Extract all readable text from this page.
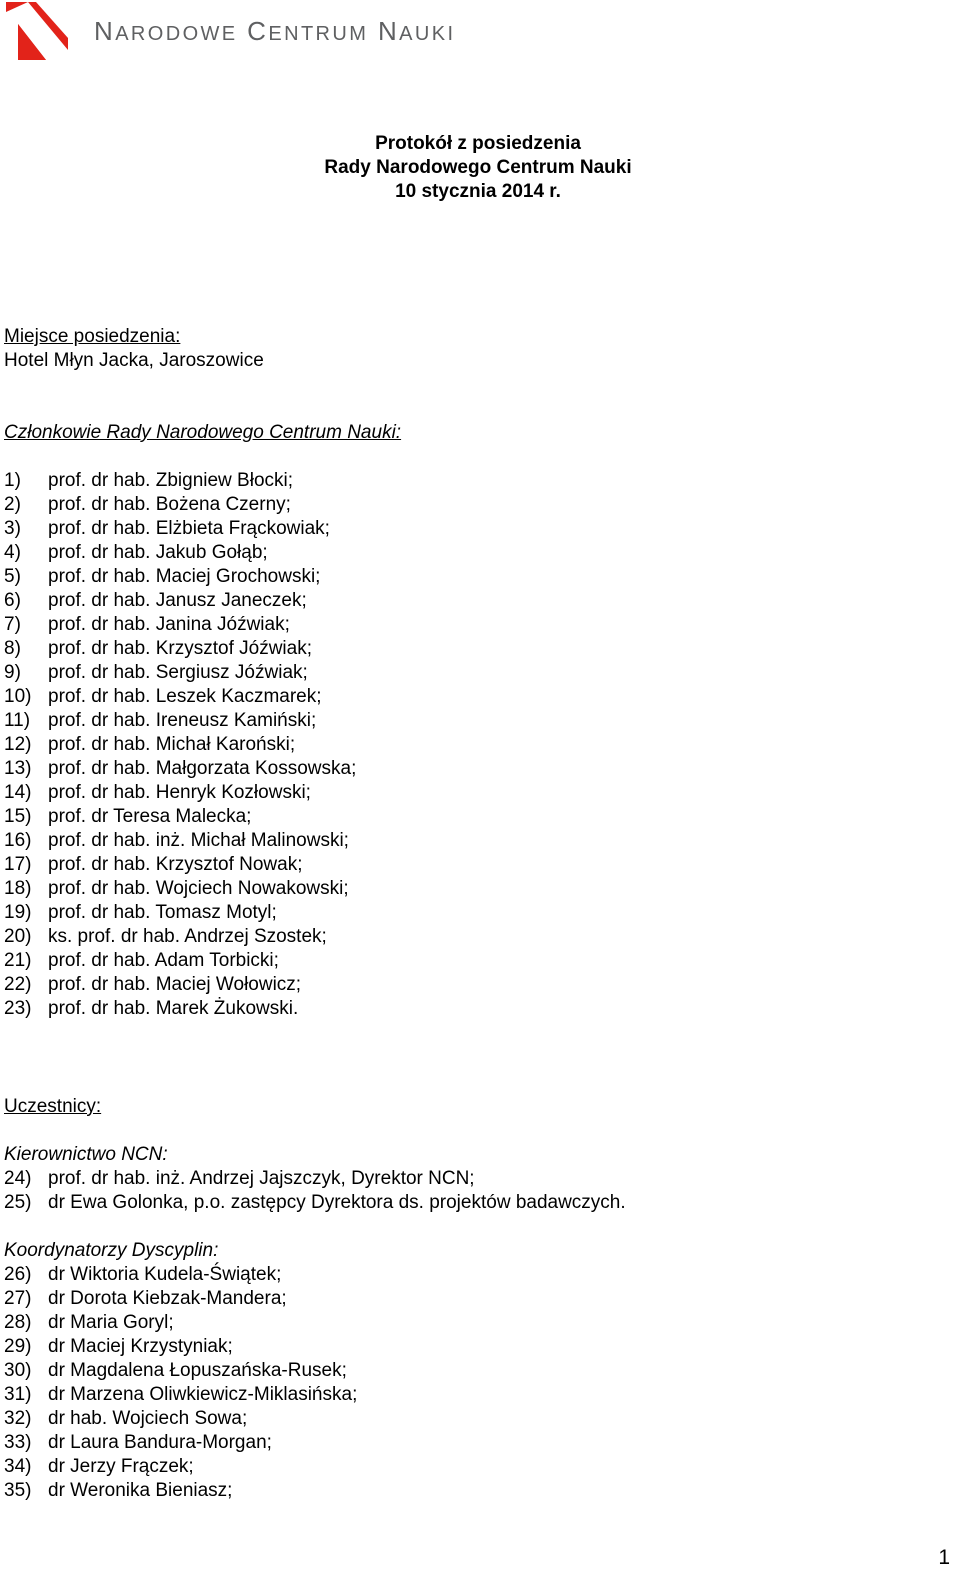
NARODOWE CENTRUM NAUKI
Protokół z posiedzenia
Rady Narodowego Centrum Nauki
10 stycznia 2014 r.
Miejsce posiedzenia:
Hotel Młyn Jacka, Jaroszowice
Członkowie Rady Narodowego Centrum Nauki:
1) prof. dr hab. Zbigniew Błocki;
2) prof. dr hab. Bożena Czerny;
3) prof. dr hab. Elżbieta Frąckowiak;
4) prof. dr hab. Jakub Gołąb;
5) prof. dr hab. Maciej Grochowski;
6) prof. dr hab. Janusz Janeczek;
7) prof. dr hab. Janina Jóźwiak;
8) prof. dr hab. Krzysztof Jóźwiak;
9) prof. dr hab. Sergiusz Jóźwiak;
10) prof. dr hab. Leszek Kaczmarek;
11) prof. dr hab. Ireneusz Kamiński;
12) prof. dr hab. Michał Karoński;
13) prof. dr hab. Małgorzata Kossowska;
14) prof. dr hab. Henryk Kozłowski;
15) prof. dr Teresa Malecka;
16) prof. dr hab. inż. Michał Malinowski;
17) prof. dr hab. Krzysztof Nowak;
18) prof. dr hab. Wojciech Nowakowski;
19) prof. dr hab. Tomasz Motyl;
20) ks. prof. dr hab. Andrzej Szostek;
21) prof. dr hab. Adam Torbicki;
22) prof. dr hab. Maciej Wołowicz;
23) prof. dr hab. Marek Żukowski.
Uczestnicy:
Kierownictwo NCN:
24) prof. dr hab. inż. Andrzej Jajszczyk, Dyrektor NCN;
25) dr Ewa Golonka, p.o. zastępcy Dyrektora ds. projektów badawczych.
Koordynatorzy Dyscyplin:
26) dr Wiktoria Kudela-Świątek;
27) dr Dorota Kiebzak-Mandera;
28) dr Maria Goryl;
29) dr Maciej Krzystyniak;
30) dr Magdalena Łopuszańska-Rusek;
31) dr Marzena Oliwkiewicz-Miklasińska;
32) dr hab. Wojciech Sowa;
33) dr Laura Bandura-Morgan;
34) dr Jerzy Frączek;
35) dr Weronika Bieniasz;
1
